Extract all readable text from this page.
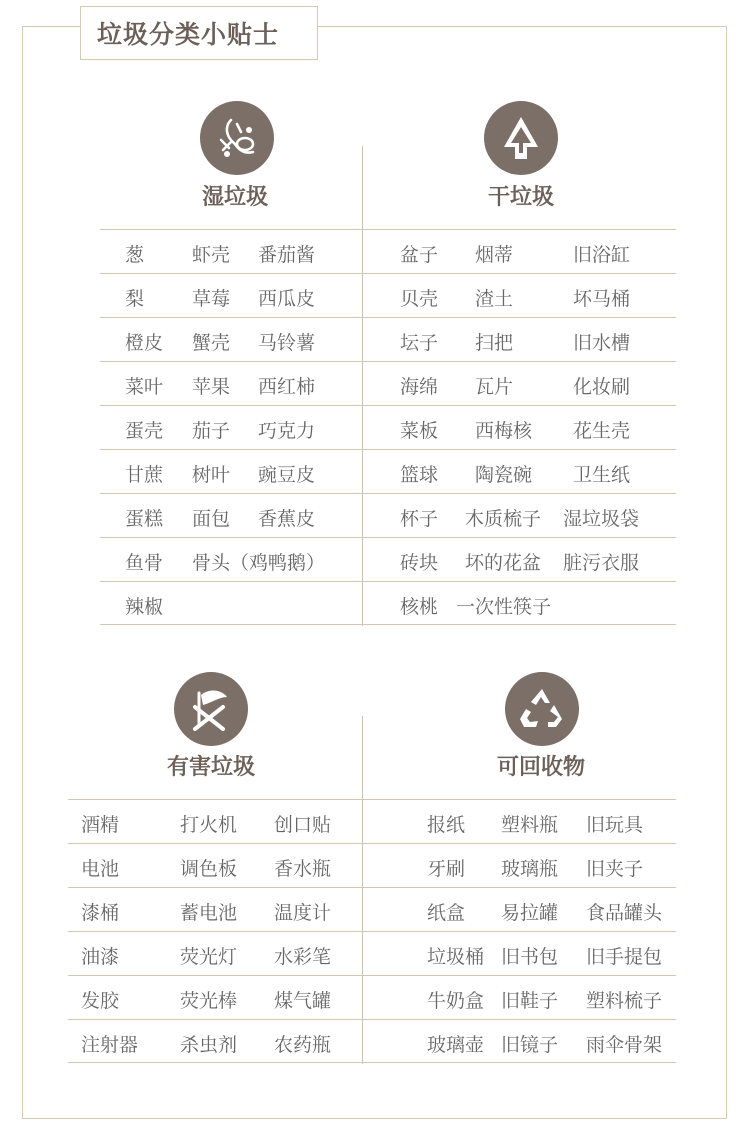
垃圾分类小贴士
湿垃圾
葱	虾壳 番茄酱
梨	草莓 西瓜皮
橙皮 蟹壳 马铃薯
菜叶 苹果 西红柿
蛋壳 茄子 巧克力
甘蔗 树叶 豌豆皮
蛋糕 面包 香蕉皮
鱼骨 骨头（鸡鸭鹅）
辣椒
干垃圾
盆子 烟蒂	旧浴缸
贝壳 渣土	坏马桶
坛子 扫把	旧水槽
海绵 瓦片	化妆刷
菜板 西梅核 花生壳
篮球 陶瓷碗 卫生纸
杯子 木质梳子 湿垃圾袋
砖块 坏的花盆 脏污衣服
核桃 一次性筷子
有害垃圾
酒精	打火机 创口贴
电池	调色板 香水瓶
漆桶	蓄电池 温度计
油漆	荧光灯 水彩笔
发胶	荧光棒 煤气罐
注射器 杀虫剂 农药瓶
可回收物
报纸 塑料瓶 旧玩具
牙刷 玻璃瓶 旧夹子
纸盒 易拉罐 食品罐头
垃圾桶 旧书包 旧手提包
牛奶盒 旧鞋子 塑料梳子
玻璃壶 旧镜子 雨伞骨架
